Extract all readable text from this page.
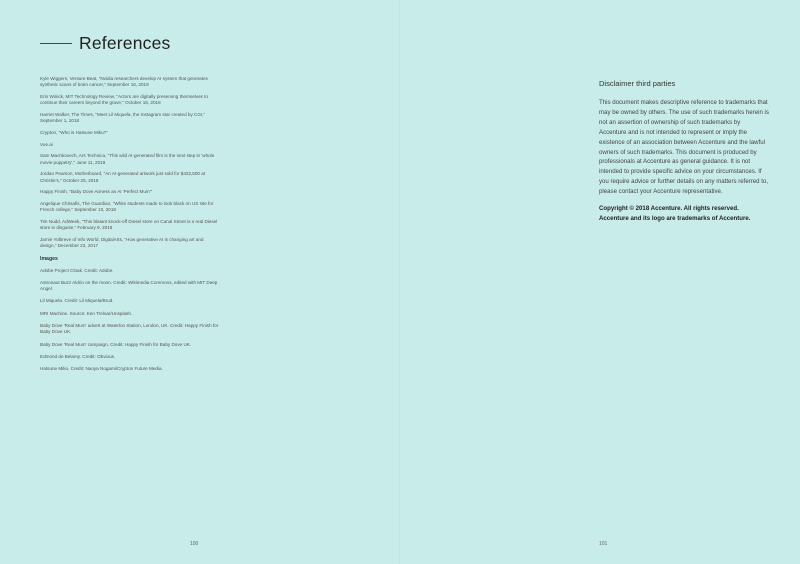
References

Kyle Wiggers, Venture Beat, "Nvidia researchers develop AI system that generates synthetic scans of brain cancer," September 16, 2018

Erin Winick, MIT Technology Review, "Actors are digitally preserving themselves to continue their careers beyond the grave," October 16, 2018

Harriet Walker, The Times, "Meet Lil Miquela, the Instagram star created by CGI," September 1, 2018

Crypton, "Who is Hatsune Miku?"

Vue.ai

Sam Machkovech, Ars Technica, "This wild AI-generated film is the next step in 'whole movie puppetry'," June 11, 2018

Jordan Pearson, Motherboard, "An AI-generated artwork just sold for $432,500 at Christie's," October 25, 2018

Happy Finish, "Baby Dove Airness an AI 'Perfect Mum'"

Angelique Chrisafis, The Guardian, "White students made to look black on US site for French college," September 10, 2018

Tim Nudd, AdWeek, "This blatant knock-off Diesel store on Canal Street is a real Diesel store in disguise," February 9, 2018

Jamie Yolbreve of Info World, DigitalArts, "How generative AI is changing art and design," December 22, 2017

Images

Adobe Project Cloak. Credit: Adobe.

Astronaut Buzz Aldrin on the moon. Credit: Wikimedia Commons, edited with MIT Deep Angel.

Lil Miquela. Credit: Lil Miquela/Brud.

MRI Machine. Source: Ken Treloar/Unsplash.

Baby Dove 'Real Mum' advert at Waterloo Station, London, UK. Credit: Happy Finish for Baby Dove UK.

Baby Dove 'Real Mum' campaign. Credit: Happy Finish for Baby Dove UK.

Edmond de Belamy. Credit: Obvious.

Hatsune Miku. Credit: Naoya Nogami/Crypton Future Media.

100
Disclaimer third parties

This document makes descriptive reference to trademarks that may be owned by others. The use of such trademarks herein is not an assertion of ownership of such trademarks by Accenture and is not intended to represent or imply the existence of an association between Accenture and the lawful owners of such trademarks. This document is produced by professionals at Accenture as general guidance. It is not intended to provide specific advice on your circumstances. If you require advice or further details on any matters referred to, please contact your Accenture representative.

Copyright © 2018 Accenture. All rights reserved.
Accenture and its logo are trademarks of Accenture.

101
